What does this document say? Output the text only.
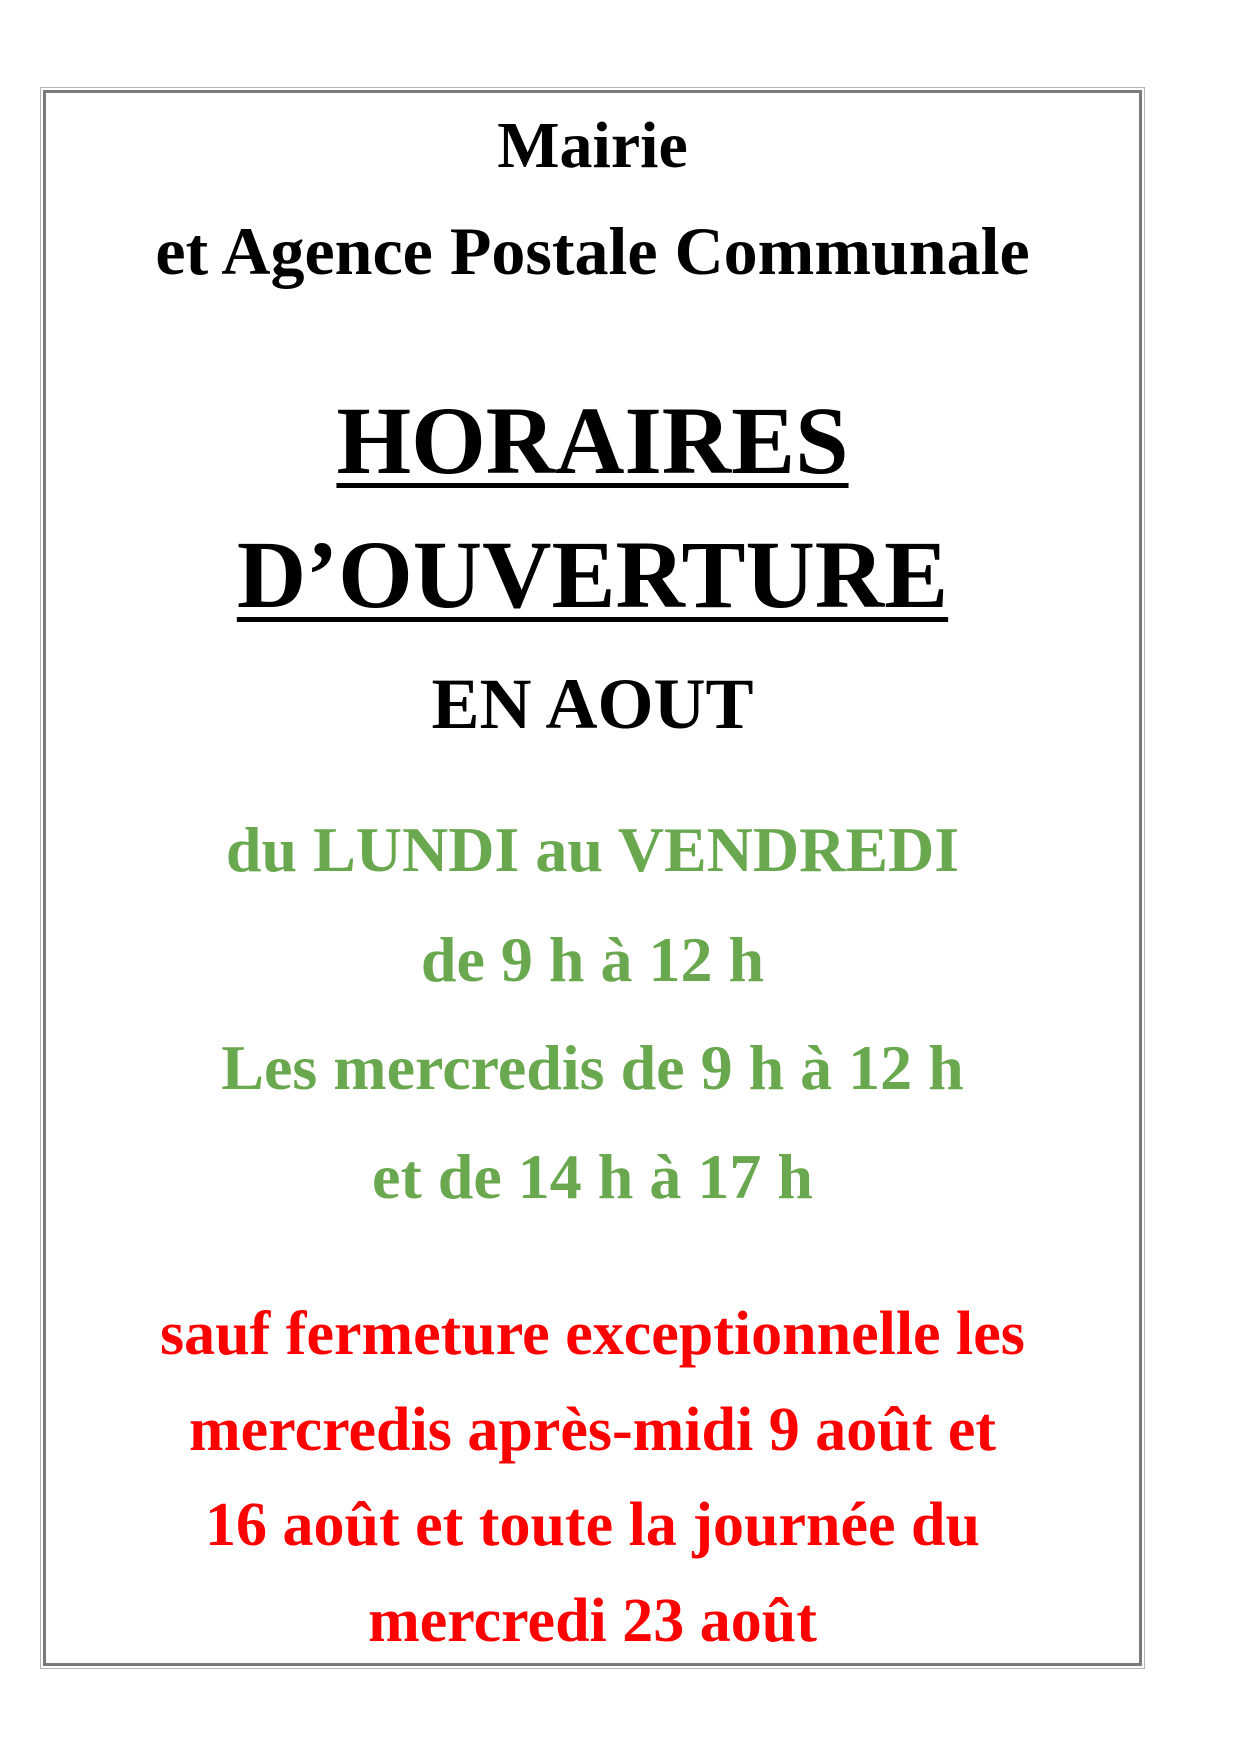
Mairie
et Agence Postale Communale
HORAIRES
D’OUVERTURE
EN AOUT
du LUNDI au VENDREDI
de 9 h à 12 h
Les mercredis de 9 h à 12 h
et de 14 h à 17 h
sauf fermeture exceptionnelle les
mercredis après-midi 9 août et
16 août et toute la journée du
mercredi 23 août
